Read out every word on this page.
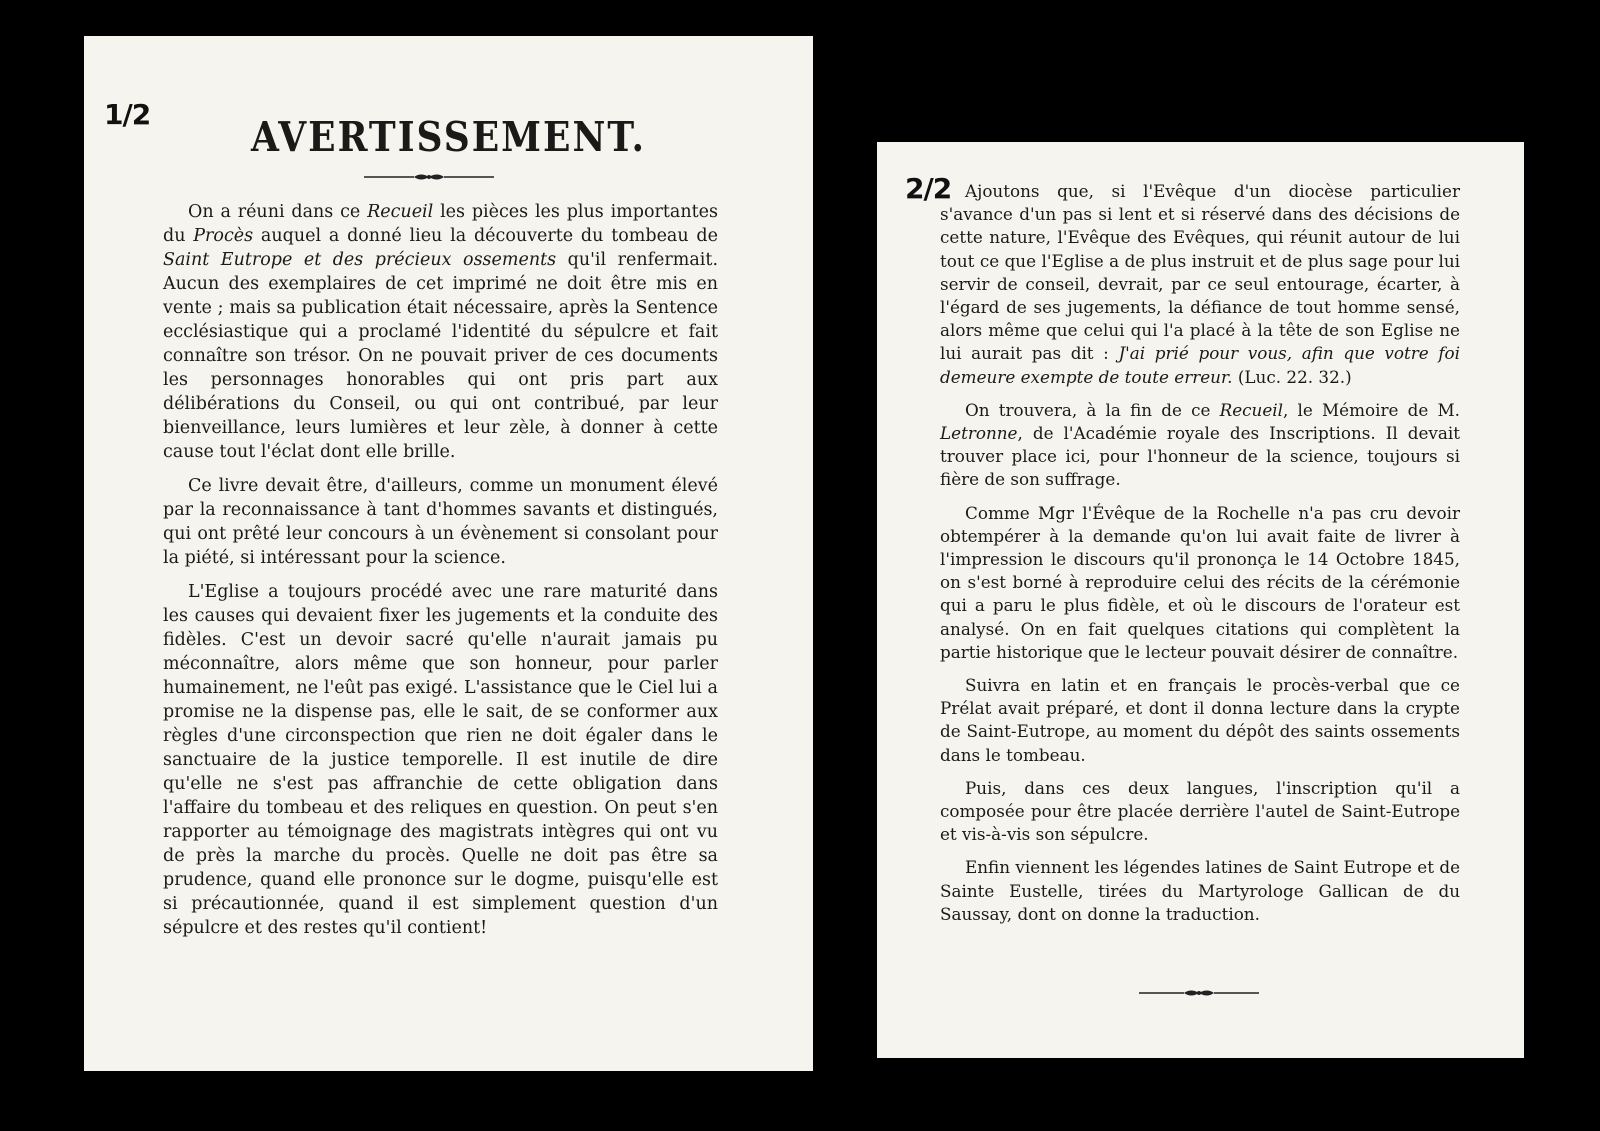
1/2	AVERTISSEMENT.

On a réuni dans ce Recueil les pièces les plus importantes du Procès auquel a donné lieu la découverte du tombeau de Saint Eutrope et des précieux ossements qu'il renfermait. Aucun des exemplaires de cet imprimé ne doit être mis en vente ; mais sa publication était nécessaire, après la Sentence ecclésiastique qui a proclamé l'identité du sépulcre et fait connaître son trésor. On ne pouvait priver de ces documents les personnages honorables qui ont pris part aux délibérations du Conseil, ou qui ont contribué, par leur bienveillance, leurs lumières et leur zèle, à donner à cette cause tout l'éclat dont elle brille.

Ce livre devait être, d'ailleurs, comme un monument élevé par la reconnaissance à tant d'hommes savants et distingués, qui ont prêté leur concours à un évènement si consolant pour la piété, si intéressant pour la science.

L'Eglise a toujours procédé avec une rare maturité dans les causes qui devaient fixer les jugements et la conduite des fidèles. C'est un devoir sacré qu'elle n'aurait jamais pu méconnaître, alors même que son honneur, pour parler humainement, ne l'eût pas exigé. L'assistance que le Ciel lui a promise ne la dispense pas, elle le sait, de se conformer aux règles d'une circonspection que rien ne doit égaler dans le sanctuaire de la justice temporelle. Il est inutile de dire qu'elle ne s'est pas affranchie de cette obligation dans l'affaire du tombeau et des reliques en question. On peut s'en rapporter au témoignage des magistrats intègres qui ont vu de près la marche du procès. Quelle ne doit pas être sa prudence, quand elle prononce sur le dogme, puisqu'elle est si précautionnée, quand il est simplement question d'un sépulcre et des restes qu'il contient!

2/2 Ajoutons que, si l'Evêque d'un diocèse particulier s'avance d'un pas si lent et si réservé dans des décisions de cette nature, l'Evêque des Evêques, qui réunit autour de lui tout ce que l'Eglise a de plus instruit et de plus sage pour lui servir de conseil, devrait, par ce seul entourage, écarter, à l'égard de ses jugements, la défiance de tout homme sensé, alors même que celui qui l'a placé à la tête de son Eglise ne lui aurait pas dit : J'ai prié pour vous, afin que votre foi demeure exempte de toute erreur. (Luc. 22. 32.)

On trouvera, à la fin de ce Recueil, le Mémoire de M. Letronne, de l'Académie royale des Inscriptions. Il devait trouver place ici, pour l'honneur de la science, toujours si fière de son suffrage.

Comme Mgr l'Évêque de la Rochelle n'a pas cru devoir obtempérer à la demande qu'on lui avait faite de livrer à l'impression le discours qu'il prononça le 14 Octobre 1845, on s'est borné à reproduire celui des récits de la cérémonie qui a paru le plus fidèle, et où le discours de l'orateur est analysé. On en fait quelques citations qui complètent la partie historique que le lecteur pouvait désirer de connaître.

Suivra en latin et en français le procès-verbal que ce Prélat avait préparé, et dont il donna lecture dans la crypte de Saint-Eutrope, au moment du dépôt des saints ossements dans le tombeau.

Puis, dans ces deux langues, l'inscription qu'il a composée pour être placée derrière l'autel de Saint-Eutrope et vis-à-vis son sépulcre.

Enfin viennent les légendes latines de Saint Eutrope et de Sainte Eustelle, tirées du Martyrologe Gallican de du Saussay, dont on donne la traduction.
